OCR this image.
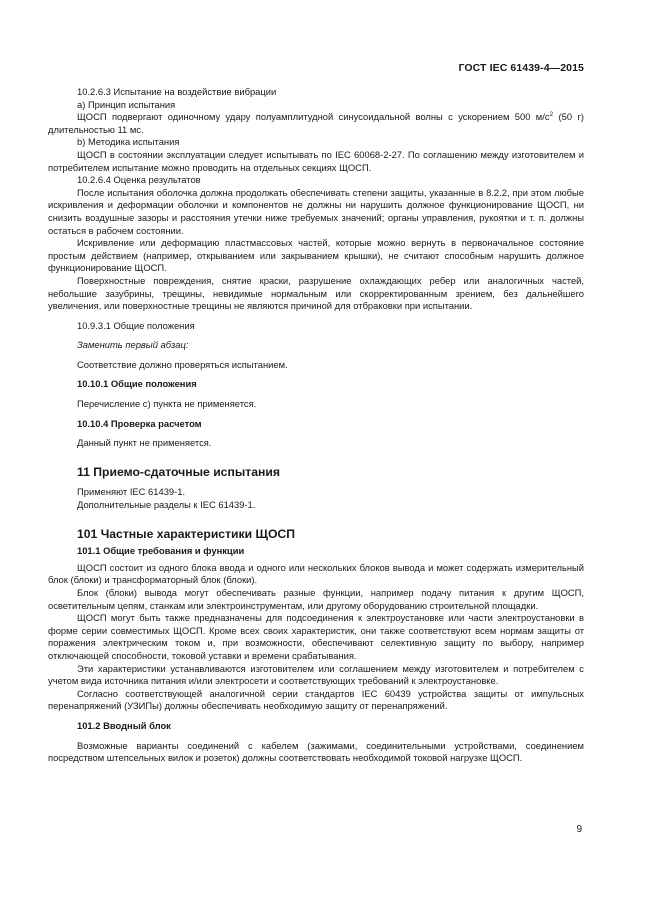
ГОСТ IEC 61439-4—2015

10.2.6.3 Испытание на воздействие вибрации

а) Принцип испытания

ЩОСП подвергают одиночному удару полуамплитудной синусоидальной волны с ускорением 500 $м/с^2$ (50 г) длительностью 11 мс.

b) Методика испытания

ЩОСП в состоянии эксплуатации следует испытывать по IEC 60068-2-27. По соглашению между изготовителем и потребителем испытание можно проводить на отдельных секциях ЩОСП.

10.2.6.4 Оценка результатов

После испытания оболочка должна продолжать обеспечивать степени защиты, указанные в 8.2.2, при этом любые искривления и деформации оболочки и компонентов не должны ни нарушить должное функционирование ЩОСП, ни снизить воздушные зазоры и расстояния утечки ниже требуемых значений; органы управления, рукоятки и т. п. должны остаться в рабочем состоянии.

Искривление или деформацию пластмассовых частей, которые можно вернуть в первоначальное состояние простым действием (например, открыванием или закрыванием крышки), не считают способным нарушить должное функционирование ЩОСП.

Поверхностные повреждения, снятие краски, разрушение охлаждающих ребер или аналогичных частей, небольшие зазубрины, трещины, невидимые нормальным или скорректированным зрением, без дальнейшего увеличения, или поверхностные трещины не являются причиной для отбраковки при испытании.

10.9.3.1 Общие положения

Заменить первый абзац:

Соответствие должно проверяться испытанием.

10.10.1 Общие положения

Перечисление с) пункта не применяется.

10.10.4 Проверка расчетом

Данный пункт не применяется.

11 Приемо-сдаточные испытания

Применяют IEC 61439-1.

Дополнительные разделы к IEC 61439-1.

101 Частные характеристики ЩОСП

101.1 Общие требования и функции

ЩОСП состоит из одного блока ввода и одного или нескольких блоков вывода и может содержать измерительный блок (блоки) и трансформаторный блок (блоки).

Блок (блоки) вывода могут обеспечивать разные функции, например подачу питания к другим ЩОСП, осветительным цепям, станкам или электроинструментам, или другому оборудованию строительной площадки.

ЩОСП могут быть также предназначены для подсоединения к электроустановке или части электроустановки в форме серии совместимых ЩОСП. Кроме всех своих характеристик, они также соответствуют всем нормам защиты от поражения электрическим током и, при возможности, обеспечивают селективную защиту по выбору, например отключающей способности, токовой уставки и времени срабатывания.

Эти характеристики устанавливаются изготовителем или соглашением между изготовителем и потребителем с учетом вида источника питания и/или электросети и соответствующих требований к электроустановке.

Согласно соответствующей аналогичной серии стандартов IEC 60439 устройства защиты от импульсных перенапряжений (УЗИПы) должны обеспечивать необходимую защиту от перенапряжений.

101.2 Вводный блок

Возможные варианты соединений с кабелем (зажимами, соединительными устройствами, соединением посредством штепсельных вилок и розеток) должны соответствовать необходимой токовой нагрузке ЩОСП.

9
